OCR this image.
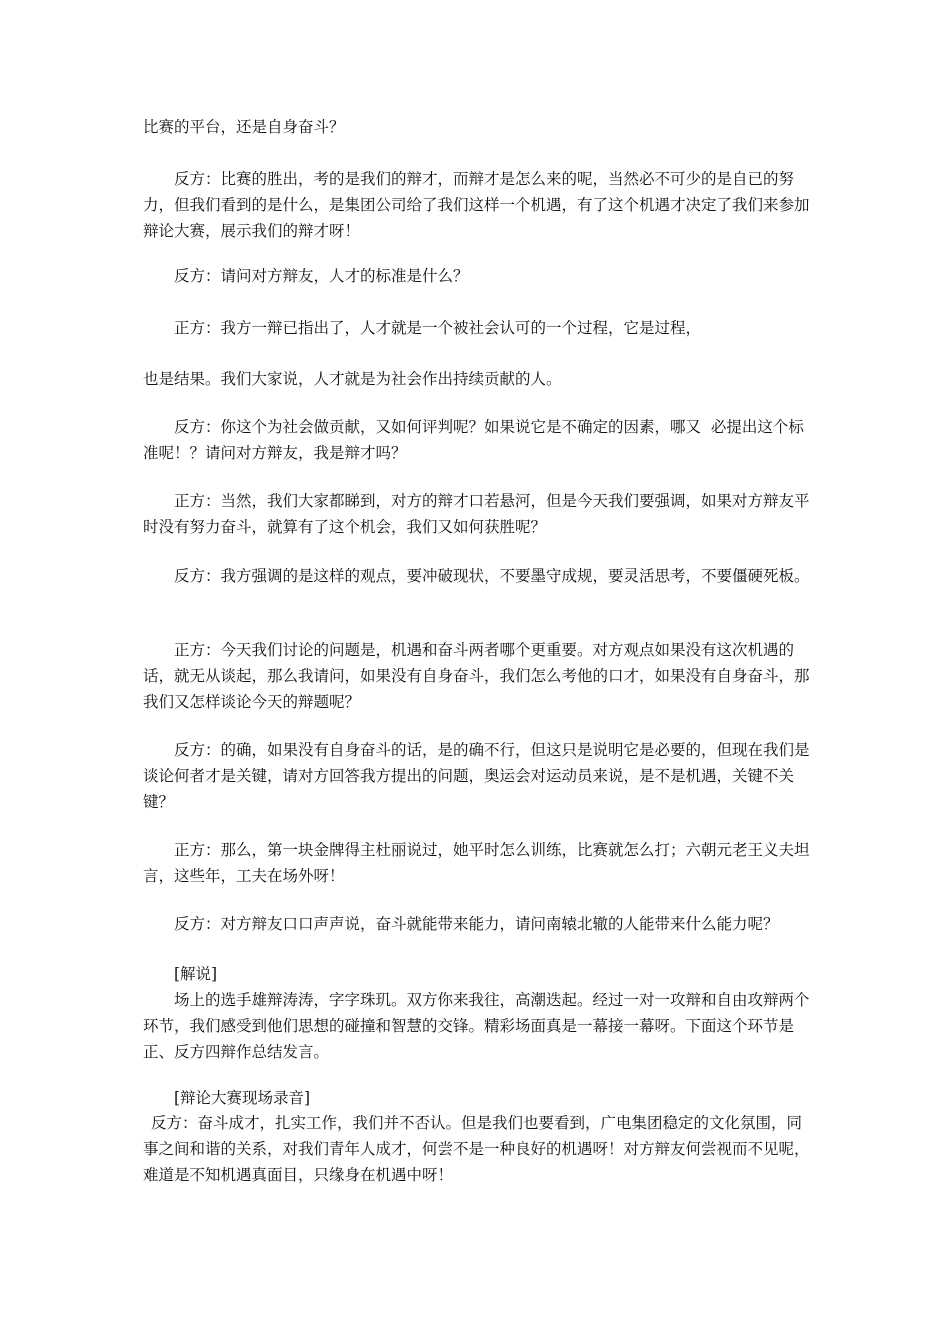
比赛的平台，还是自身奋斗？

反方：比赛的胜出，考的是我们的辩才，而辩才是怎么来的呢，当然必不可少的是自已的努力，但我们看到的是什么，是集团公司给了我们这样一个机遇，有了这个机遇才决定了我们来参加辩论大赛，展示我们的辩才呀！

反方：请问对方辩友，人才的标准是什么？

正方：我方一辩已指出了，人才就是一个被社会认可的一个过程，它是过程，

也是结果。我们大家说，人才就是为社会作出持续贡献的人。

反方：你这个为社会做贡献，又如何评判呢？如果说它是不确定的因素，哪又  必提出这个标准呢！？请问对方辩友，我是辩才吗？

正方：当然，我们大家都睇到，对方的辩才口若悬河，但是今天我们要强调，如果对方辩友平时没有努力奋斗，就算有了这个机会，我们又如何获胜呢？

反方：我方强调的是这样的观点，要冲破现状，不要墨守成规，要灵活思考，不要僵硬死板。

正方：今天我们讨论的问题是，机遇和奋斗两者哪个更重要。对方观点如果没有这次机遇的话，就无从谈起，那么我请问，如果没有自身奋斗，我们怎么考他的口才，如果没有自身奋斗，那我们又怎样谈论今天的辩题呢？

反方：的确，如果没有自身奋斗的话，是的确不行，但这只是说明它是必要的，但现在我们是谈论何者才是关键，请对方回答我方提出的问题，奥运会对运动员来说，是不是机遇，关键不关键？

正方：那么，第一块金牌得主杜丽说过，她平时怎么训练，比赛就怎么打；六朝元老王义夫坦言，这些年，工夫在场外呀！

反方：对方辩友口口声声说，奋斗就能带来能力，请问南辕北辙的人能带来什么能力呢？

[解说]

场上的选手雄辩涛涛，字字珠玑。双方你来我往，高潮迭起。经过一对一攻辩和自由攻辩两个环节，我们感受到他们思想的碰撞和智慧的交锋。精彩场面真是一幕接一幕呀。下面这个环节是正、反方四辩作总结发言。

[辩论大赛现场录音]

反方：奋斗成才，扎实工作，我们并不否认。但是我们也要看到，广电集团稳定的文化氛围，同事之间和谐的关系，对我们青年人成才，何尝不是一种良好的机遇呀！对方辩友何尝视而不见呢，难道是不知机遇真面目，只缘身在机遇中呀！
